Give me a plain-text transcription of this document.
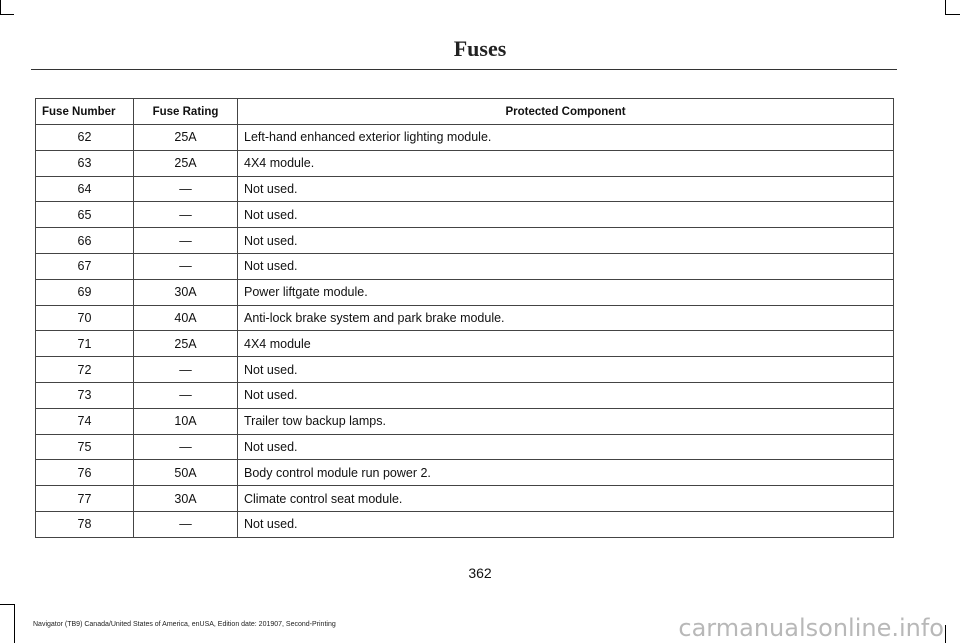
Fuses
Fuse Number	Fuse Rating	Protected Component
62	25A	Left-hand enhanced exterior lighting module.
63	25A	4X4 module.
64	—	Not used.
65	—	Not used.
66	—	Not used.
67	—	Not used.
69	30A	Power liftgate module.
70	40A	Anti-lock brake system and park brake module.
71	25A	4X4 module
72	—	Not used.
73	—	Not used.
74	10A	Trailer tow backup lamps.
75	—	Not used.
76	50A	Body control module run power 2.
77	30A	Climate control seat module.
78	—	Not used.
362
Navigator (TB9) Canada/United States of America, enUSA, Edition date: 201907, Second-Printing	carmanualsonline.info
